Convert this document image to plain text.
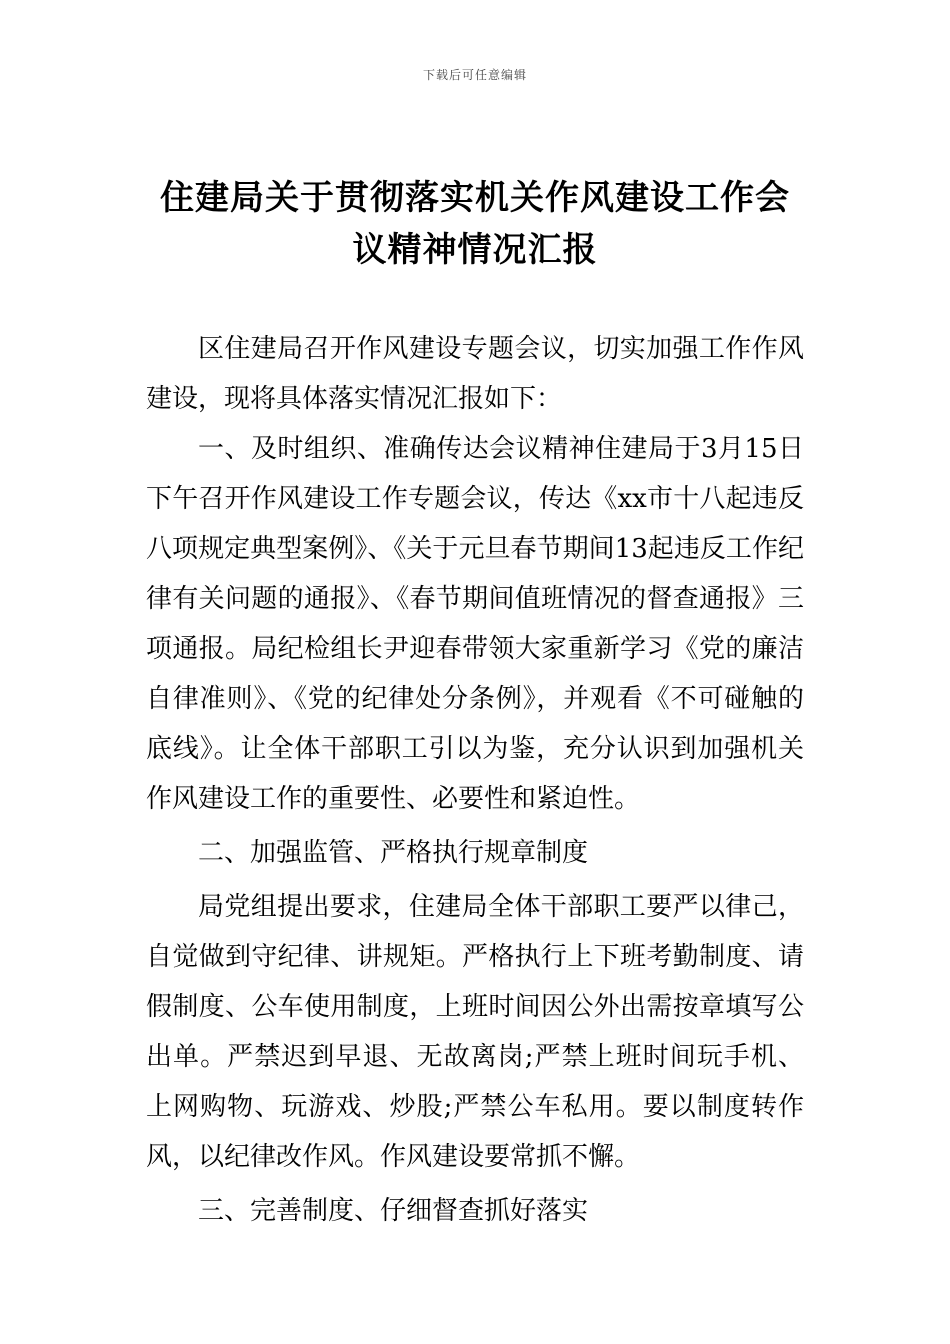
下载后可任意编辑
住建局关于贯彻落实机关作风建设工作会
议精神情况汇报

区住建局召开作风建设专题会议，切实加强工作作风建设，现将具体落实情况汇报如下：

一、及时组织、准确传达会议精神住建局于3月15日下午召开作风建设工作专题会议，传达《xx市十八起违反八项规定典型案例》、《关于元旦春节期间13起违反工作纪律有关问题的通报》、《春节期间值班情况的督查通报》三项通报。局纪检组长尹迎春带领大家重新学习《党的廉洁自律准则》、《党的纪律处分条例》，并观看《不可碰触的底线》。让全体干部职工引以为鉴，充分认识到加强机关作风建设工作的重要性、必要性和紧迫性。

二、加强监管、严格执行规章制度

局党组提出要求，住建局全体干部职工要严以律己，自觉做到守纪律、讲规矩。严格执行上下班考勤制度、请假制度、公车使用制度，上班时间因公外出需按章填写公出单。严禁迟到早退、无故离岗;严禁上班时间玩手机、上网购物、玩游戏、炒股;严禁公车私用。要以制度转作风，以纪律改作风。作风建设要常抓不懈。

三、完善制度、仔细督查抓好落实
